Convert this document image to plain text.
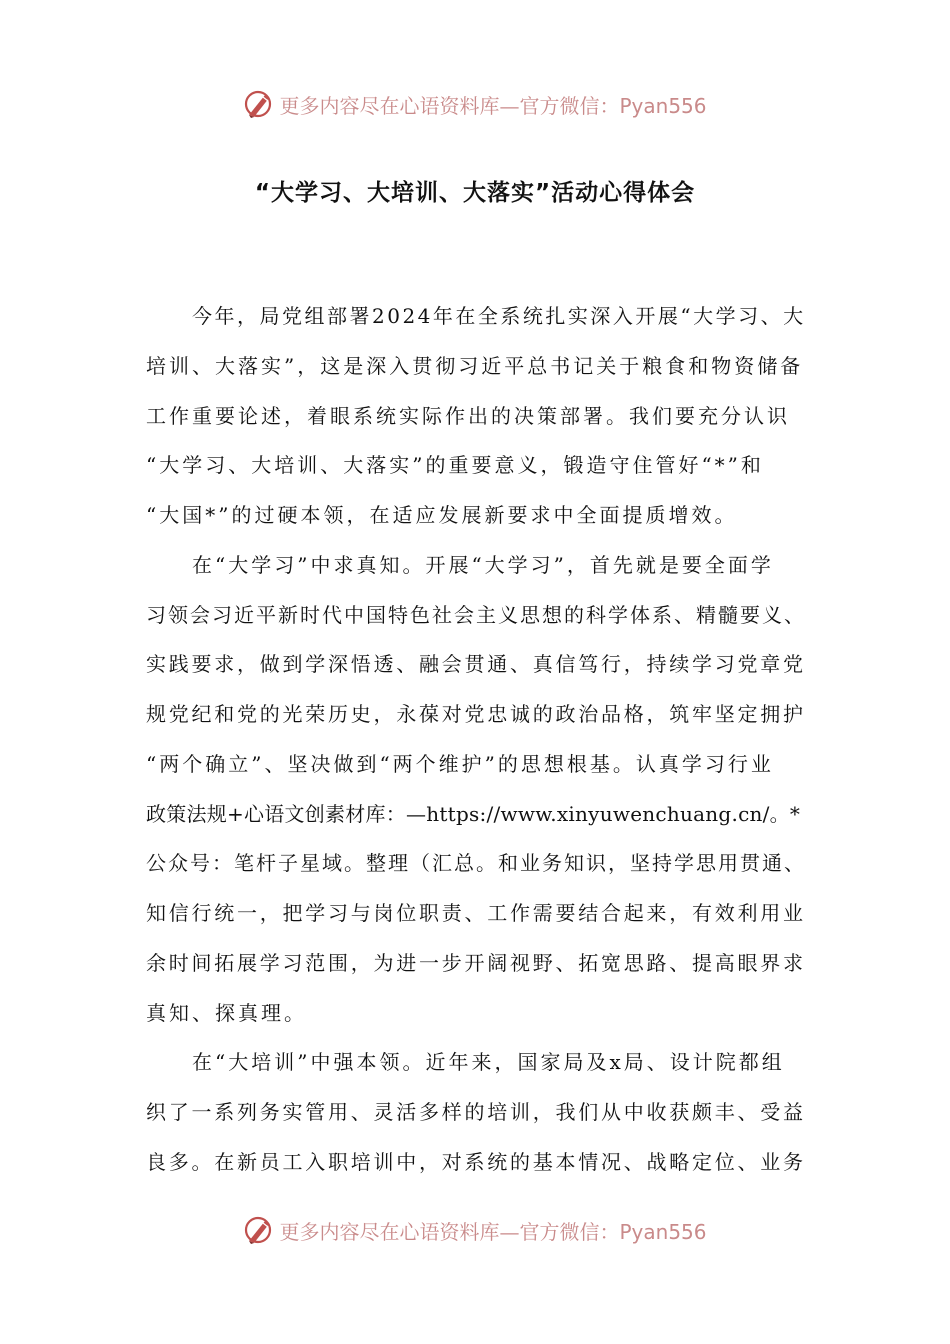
更多内容尽在心语资料库—官方微信：Pyan556
“大学习、大培训、大落实”活动心得体会
今年，局党组部署2024年在全系统扎实深入开展“大学习、大
培训、大落实”，这是深入贯彻习近平总书记关于粮食和物资储备
工作重要论述，着眼系统实际作出的决策部署。我们要充分认识
“大学习、大培训、大落实”的重要意义，锻造守住管好“*”和
“大国*”的过硬本领，在适应发展新要求中全面提质增效。
在“大学习”中求真知。开展“大学习”，首先就是要全面学
习领会习近平新时代中国特色社会主义思想的科学体系、精髓要义、
实践要求，做到学深悟透、融会贯通、真信笃行，持续学习党章党
规党纪和党的光荣历史，永葆对党忠诚的政治品格，筑牢坚定拥护
“两个确立”、坚决做到“两个维护”的思想根基。认真学习行业
政策法规+心语文创素材库：—https://www.xinyuwenchuang.cn/。*
公众号：笔杆子星域。整理（汇总。和业务知识，坚持学思用贯通、
知信行统一，把学习与岗位职责、工作需要结合起来，有效利用业
余时间拓展学习范围，为进一步开阔视野、拓宽思路、提高眼界求
真知、探真理。
在“大培训”中强本领。近年来，国家局及x局、设计院都组
织了一系列务实管用、灵活多样的培训，我们从中收获颇丰、受益
良多。在新员工入职培训中，对系统的基本情况、战略定位、业务
更多内容尽在心语资料库—官方微信：Pyan556
